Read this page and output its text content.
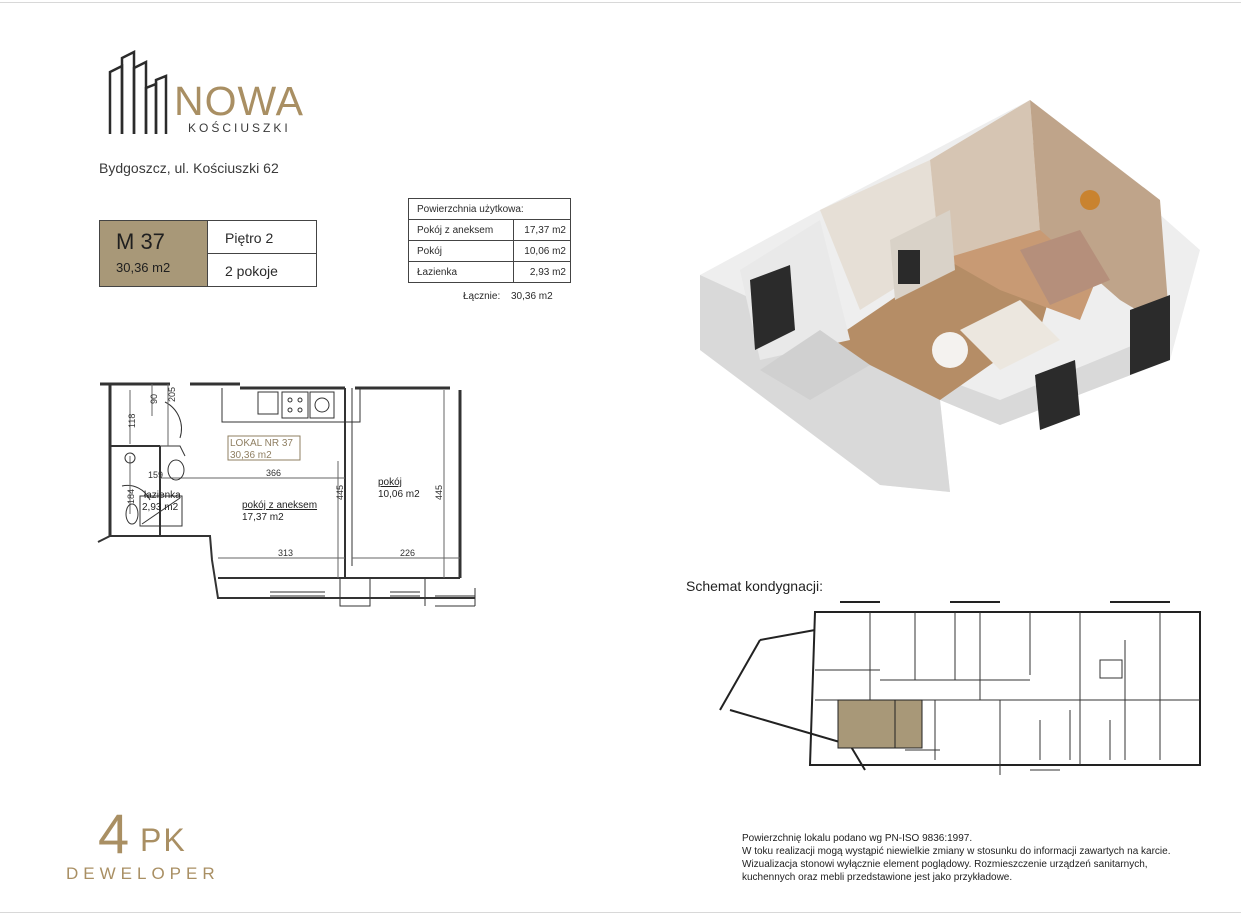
NOWA
KOŚCIUSZKI
Bydgoszcz, ul. Kościuszki 62
M 37
30,36 m2
Piętro 2
2 pokoje
Powierzchnia użytkowa:	
Pokój z aneksem	17,37 m2
Pokój	10,06 m2
Łazienka	2,93 m2
Łącznie: 30,36 m2
205
90
118
159	366
184	445	445
313	226
LOKAL NR 37
30,36 m2
łazienka
2,93 m2	pokój z aneksem
17,37 m2
pokój
10,06 m2
Schemat kondygnacji:
Powierzchnię lokalu podano wg PN-ISO 9836:1997.
W toku realizacji mogą wystąpić niewielkie zmiany w stosunku do informacji zawartych na karcie.
Wizualizacja stonowi wyłącznie element poglądowy. Rozmieszczenie urządzeń sanitarnych,
kuchennych oraz mebli przedstawione jest jako przykładowe.
4 PK
DEWELOPER
